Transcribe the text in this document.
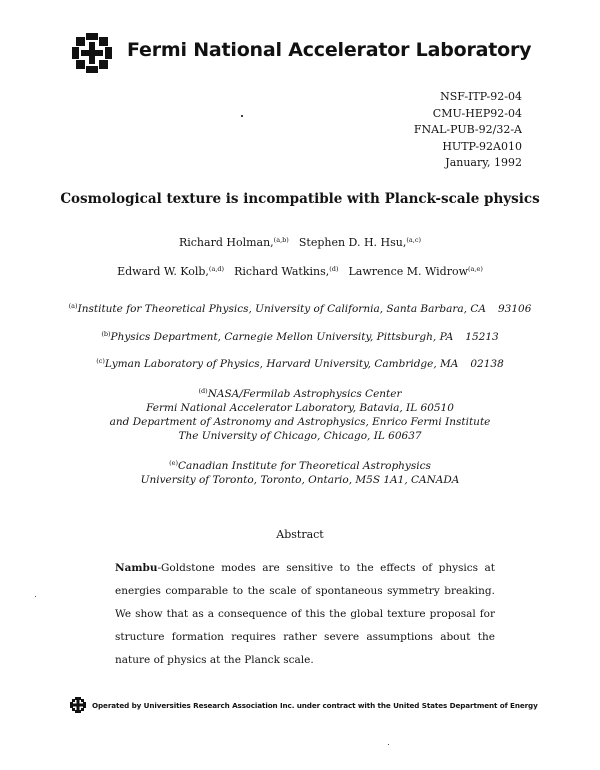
Fermi National Accelerator Laboratory
NSF-ITP-92-04
CMU-HEP92-04
FNAL-PUB-92/32-A
HUTP-92A010
January, 1992
Cosmological texture is incompatible with Planck-scale physics
Richard Holman,$^{(a,b)}$ Stephen D. H. Hsu,$^{(a,c)}$
Edward W. Kolb,$^{(a,d)}$ Richard Watkins,$^{(d)}$ Lawrence M. Widrow$^{(a,e)}$
$^{(a)}$Institute for Theoretical Physics, University of California, Santa Barbara, CA 93106
$^{(b)}$Physics Department, Carnegie Mellon University, Pittsburgh, PA 15213
$^{(c)}$Lyman Laboratory of Physics, Harvard University, Cambridge, MA 02138
$^{(d)}$NASA/Fermilab Astrophysics Center
Fermi National Accelerator Laboratory, Batavia, IL 60510
and Department of Astronomy and Astrophysics, Enrico Fermi Institute
The University of Chicago, Chicago, IL 60637
$^{(e)}$Canadian Institute for Theoretical Astrophysics
University of Toronto, Toronto, Ontario, M5S 1A1, CANADA
Abstract
Nambu-Goldstone modes are sensitive to the effects of physics at energies comparable to the scale of spontaneous symmetry breaking. We show that as a consequence of this the global texture proposal for structure formation requires rather severe assumptions about the nature of physics at the Planck scale.
Operated by Universities Research Association Inc. under contract with the United States Department of Energy
